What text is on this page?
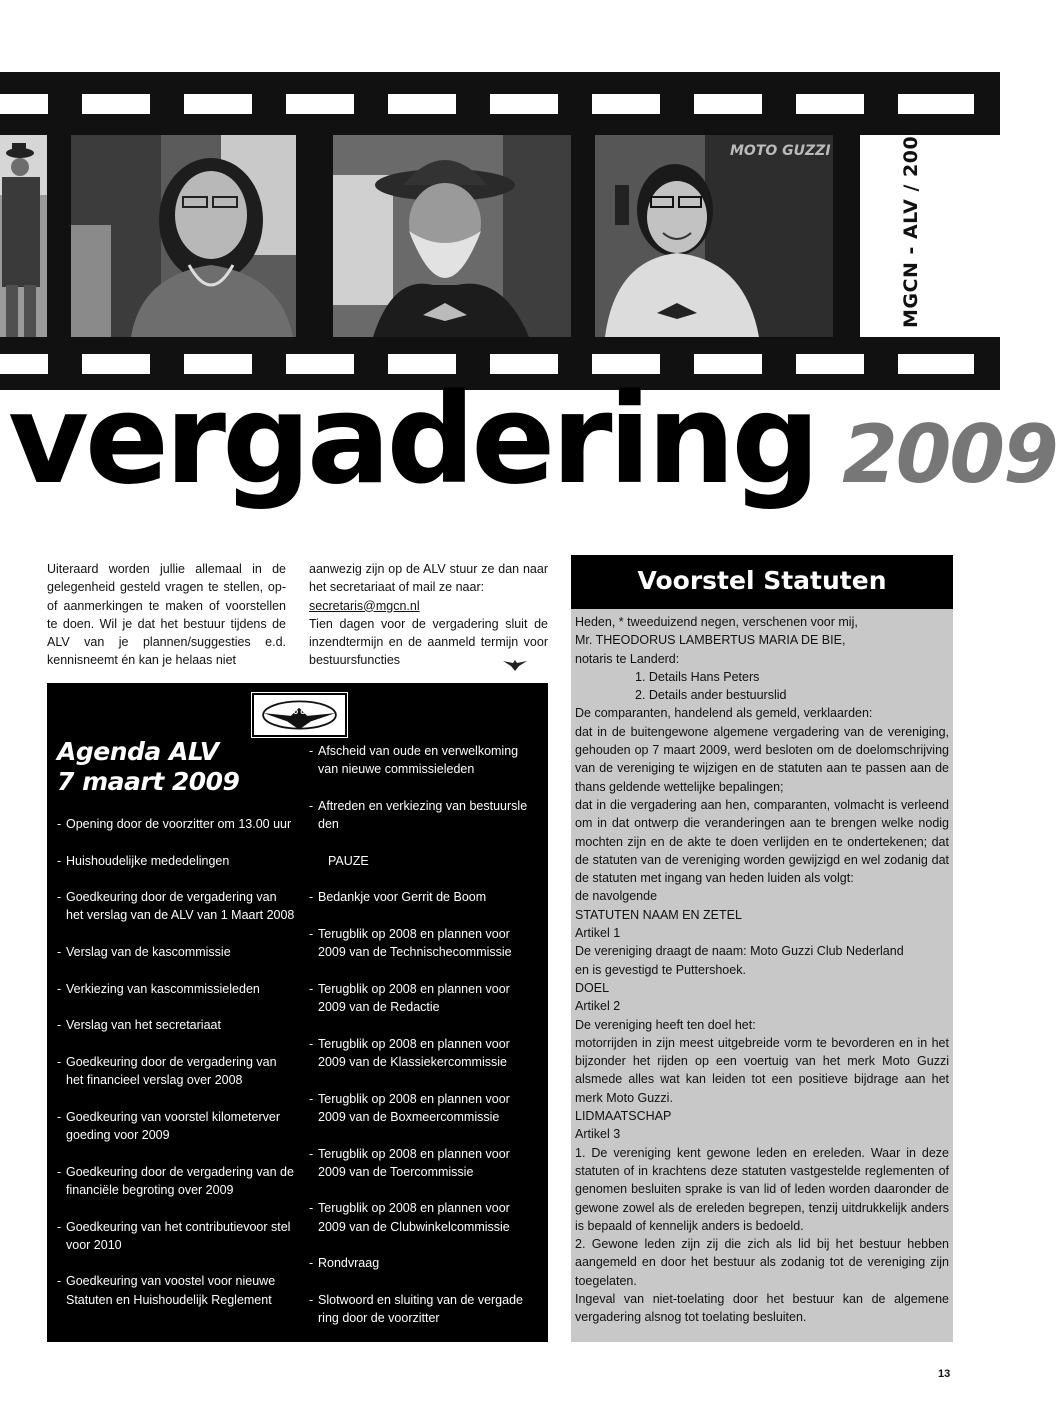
MOTO GUZZI	MGCN - ALV / 2009
vergadering 2009
Uiteraard worden jullie allemaal in de gelegenheid gesteld vragen te stellen, op- of aanmerkingen te maken of voorstellen te doen. Wil je dat het bestuur tijdens de ALV van je plannen/suggesties e.d. kennisneemt én kan je helaas niet
aanwezig zijn op de ALV stuur ze dan naar het secretariaat of mail ze naar:
secretaris@mgcn.nl
Tien dagen voor de vergadering sluit de inzendtermijn en de aanmeld termijn voor bestuursfuncties
MOTO GUZZI
Agenda ALV
7 maart 2009
- Opening door de voorzitter om 13.00 uur
- Huishoudelijke mededelingen
- Goedkeuring door de vergadering van het verslag van de ALV van 1 Maart 2008
- Verslag van de kascommissie
- Verkiezing van kascommissieleden
- Verslag van het secretariaat
- Goedkeuring door de vergadering van het financieel verslag over 2008
- Goedkeuring van voorstel kilometerver goeding voor 2009
- Goedkeuring door de vergadering van de financiële begroting over 2009
- Goedkeuring van het contributievoor stel voor 2010
- Goedkeuring van voostel voor nieuwe Statuten en Huishoudelijk Reglement
- Afscheid van oude en verwelkoming van nieuwe commissieleden
- Aftreden en verkiezing van bestuursle den
PAUZE
- Bedankje voor Gerrit de Boom
- Terugblik op 2008 en plannen voor 2009 van de Technischecommissie
- Terugblik op 2008 en plannen voor 2009 van de Redactie
- Terugblik op 2008 en plannen voor 2009 van de Klassiekercommissie
- Terugblik op 2008 en plannen voor 2009 van de Boxmeercommissie
- Terugblik op 2008 en plannen voor 2009 van de Toercommissie
- Terugblik op 2008 en plannen voor 2009 van de Clubwinkelcommissie
- Rondvraag
- Slotwoord en sluiting van de vergade ring door de voorzitter
Voorstel Statuten

Heden, * tweeduizend negen, verschenen voor mij,

Mr. THEODORUS LAMBERTUS MARIA DE BIE,

notaris te Landerd:

1. Details Hans Peters

2. Details ander bestuurslid

De comparanten, handelend als gemeld, verklaarden:

dat in de buitengewone algemene vergadering van de vereniging, gehouden op 7 maart 2009, werd besloten om de doelomschrijving van de vereniging te wijzigen en de statuten aan te passen aan de thans geldende wettelijke bepalingen;

dat in die vergadering aan hen, comparanten, volmacht is verleend om in dat ontwerp die veranderingen aan te brengen welke nodig mochten zijn en de akte te doen verlijden en te ondertekenen; dat de statuten van de vereniging worden gewijzigd en wel zodanig dat de statuten met ingang van heden luiden als volgt:

de navolgende

STATUTEN NAAM EN ZETEL

Artikel 1

De vereniging draagt de naam: Moto Guzzi Club Nederland

en is gevestigd te Puttershoek.

DOEL

Artikel 2

De vereniging heeft ten doel het:

motorrijden in zijn meest uitgebreide vorm te bevorderen en in het bijzonder het rijden op een voertuig van het merk Moto Guzzi alsmede alles wat kan leiden tot een positieve bijdrage aan het merk Moto Guzzi.

LIDMAATSCHAP

Artikel 3

1. De vereniging kent gewone leden en ereleden. Waar in deze statuten of in krachtens deze statuten vastgestelde reglementen of genomen besluiten sprake is van lid of leden worden daaronder de gewone zowel als de ereleden begrepen, tenzij uitdrukkelijk anders is bepaald of kennelijk anders is bedoeld.

2. Gewone leden zijn zij die zich als lid bij het bestuur hebben aangemeld en door het bestuur als zodanig tot de vereniging zijn toegelaten.

Ingeval van niet-toelating door het bestuur kan de algemene vergadering alsnog tot toelating besluiten.

13
